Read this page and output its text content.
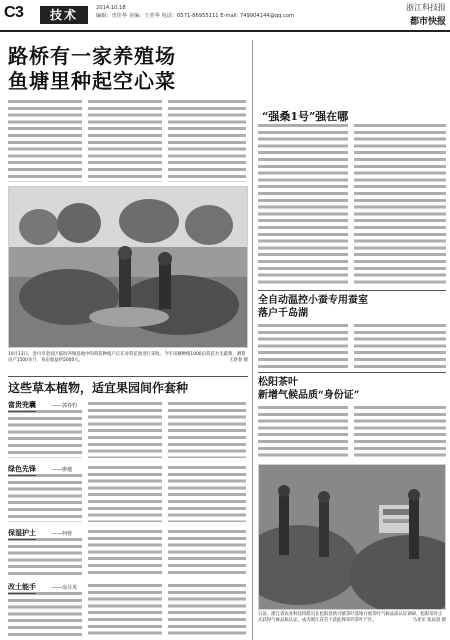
C3	技术	2014.10.18
编辑：史佳华 美编：王英华 电话：0571-86955111 E-mail: 749904144@qq.com
浙江科技报
都市快报
路桥有一家养殖场
鱼塘里种起空心菜
10月13日，金川市金岩区临时养殖基地中的荷花种植户正在对荷花池进行采收。今年该塘种植1000亩荷花水生蔬菜，测算亩产1500多斤，每亩收益约5000元。	王晨春 摄
这些草本植物，适宜果园间作套种
富贵兜囊	——郭春豹
绿色先锋	——廖越
保湿护土	——何蓉
改土能手	——涂芬英
“强桑1号”强在哪
全自动温控小蚕专用蚕室
落户千岛湖
松阳茶叶
新增气候品质“身份证”
日前，浙江省农业科技特派员在松阳县新兴镇茶叶基地开展茶叶气候品质认证调研，松阳茶叶正式获得气候品质认证，成为浙江省首个获此殊荣的茶叶产区。	马亚军 张辰晨 摄
